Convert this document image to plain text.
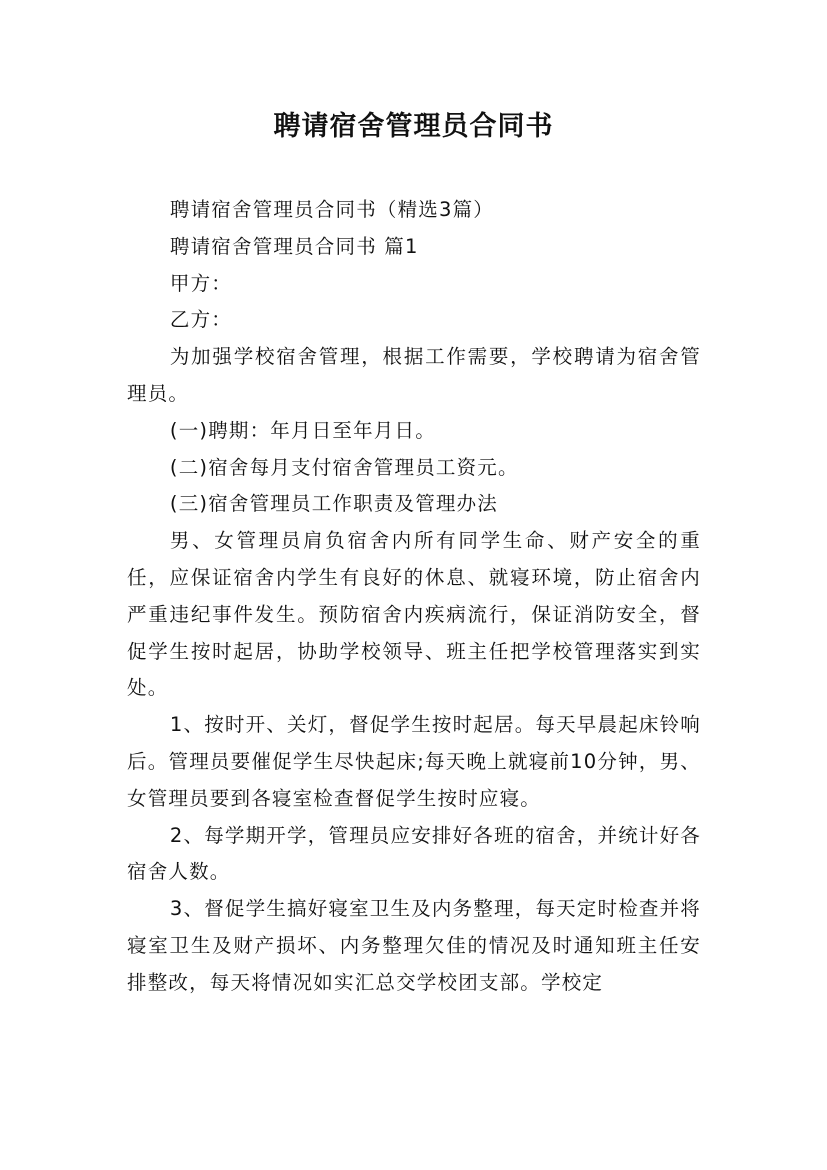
聘请宿舍管理员合同书

聘请宿舍管理员合同书（精选3篇）

聘请宿舍管理员合同书 篇1

甲方：

乙方：

为加强学校宿舍管理，根据工作需要，学校聘请为宿舍管理员。

(一)聘期：年月日至年月日。

(二)宿舍每月支付宿舍管理员工资元。

(三)宿舍管理员工作职责及管理办法

男、女管理员肩负宿舍内所有同学生命、财产安全的重任，应保证宿舍内学生有良好的休息、就寝环境，防止宿舍内严重违纪事件发生。预防宿舍内疾病流行，保证消防安全，督促学生按时起居，协助学校领导、班主任把学校管理落实到实处。

1、按时开、关灯，督促学生按时起居。每天早晨起床铃响后。管理员要催促学生尽快起床;每天晚上就寝前10分钟，男、女管理员要到各寝室检查督促学生按时应寝。

2、每学期开学，管理员应安排好各班的宿舍，并统计好各宿舍人数。

3、督促学生搞好寝室卫生及内务整理，每天定时检查并将寝室卫生及财产损坏、内务整理欠佳的情况及时通知班主任安排整改，每天将情况如实汇总交学校团支部。学校定
